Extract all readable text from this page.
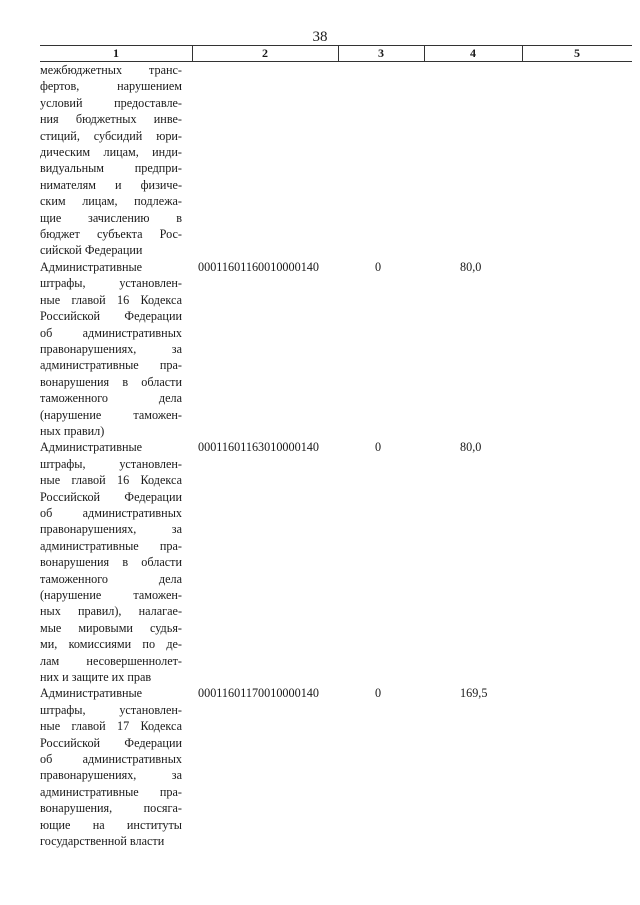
38
1	2	3	4	5
межбюджетных транс-
фертов, нарушением
условий предоставле-
ния бюджетных инве-
стиций, субсидий юри-
дическим лицам, инди-
видуальным предпри-
нимателям и физиче-
ским лицам, подлежа-
щие зачислению в
бюджет субъекта Рос-
сийской Федерации
Административные
штрафы, установлен-
ные главой 16 Кодекса
Российской Федерации
об административных
правонарушениях, за
административные пра-
вонарушения в области
таможенного дела
(нарушение таможен-
ных правил)
00011601160010000140	0	80,0
Административные
штрафы, установлен-
ные главой 16 Кодекса
Российской Федерации
об административных
правонарушениях, за
административные пра-
вонарушения в области
таможенного дела
(нарушение таможен-
ных правил), налагае-
мые мировыми судья-
ми, комиссиями по де-
лам несовершеннолет-
них и защите их прав
00011601163010000140	0	80,0
Административные
штрафы, установлен-
ные главой 17 Кодекса
Российской Федерации
об административных
правонарушениях, за
административные пра-
вонарушения, посяга-
ющие на институты
государственной власти
00011601170010000140	0	169,5
